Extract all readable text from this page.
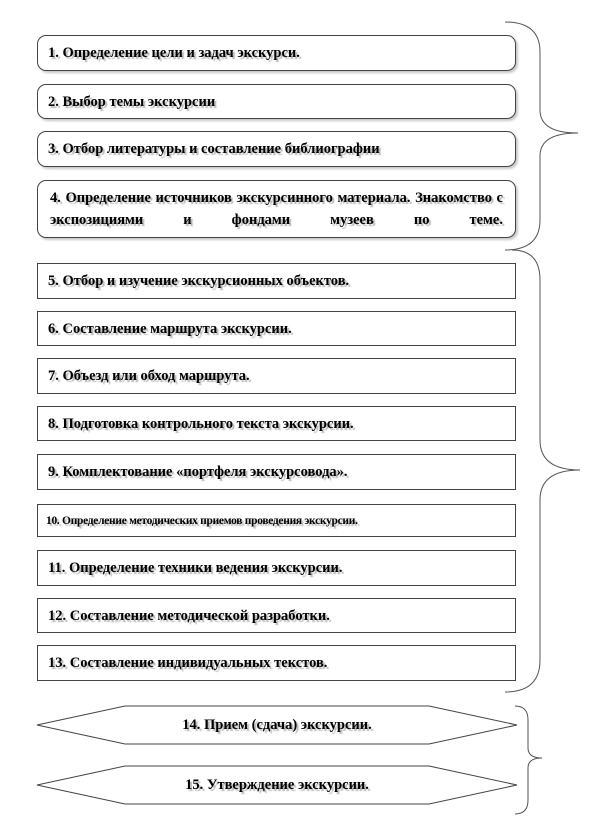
1. Определение цели и задач экскурси.
2. Выбор темы экскурсии
3. Отбор литературы и составление библиографии
4. Определение источников экскурсинного материала. Знакомство с экспозициями и фондами музеев по теме.
5. Отбор и изучение экскурсионных объектов.
6. Составление маршрута экскурсии.
7. Объезд или обход маршрута.
8. Подготовка контрольного текста экскурсии.
9. Комплектование «портфеля экскурсовода».
10. Определение методических приемов проведения экскурсии.
11. Определение техники ведения экскурсии.
12. Составление методической разработки.
13. Составление индивидуальных текстов.
14. Прием (сдача) экскурсии.
15. Утверждение экскурсии.
